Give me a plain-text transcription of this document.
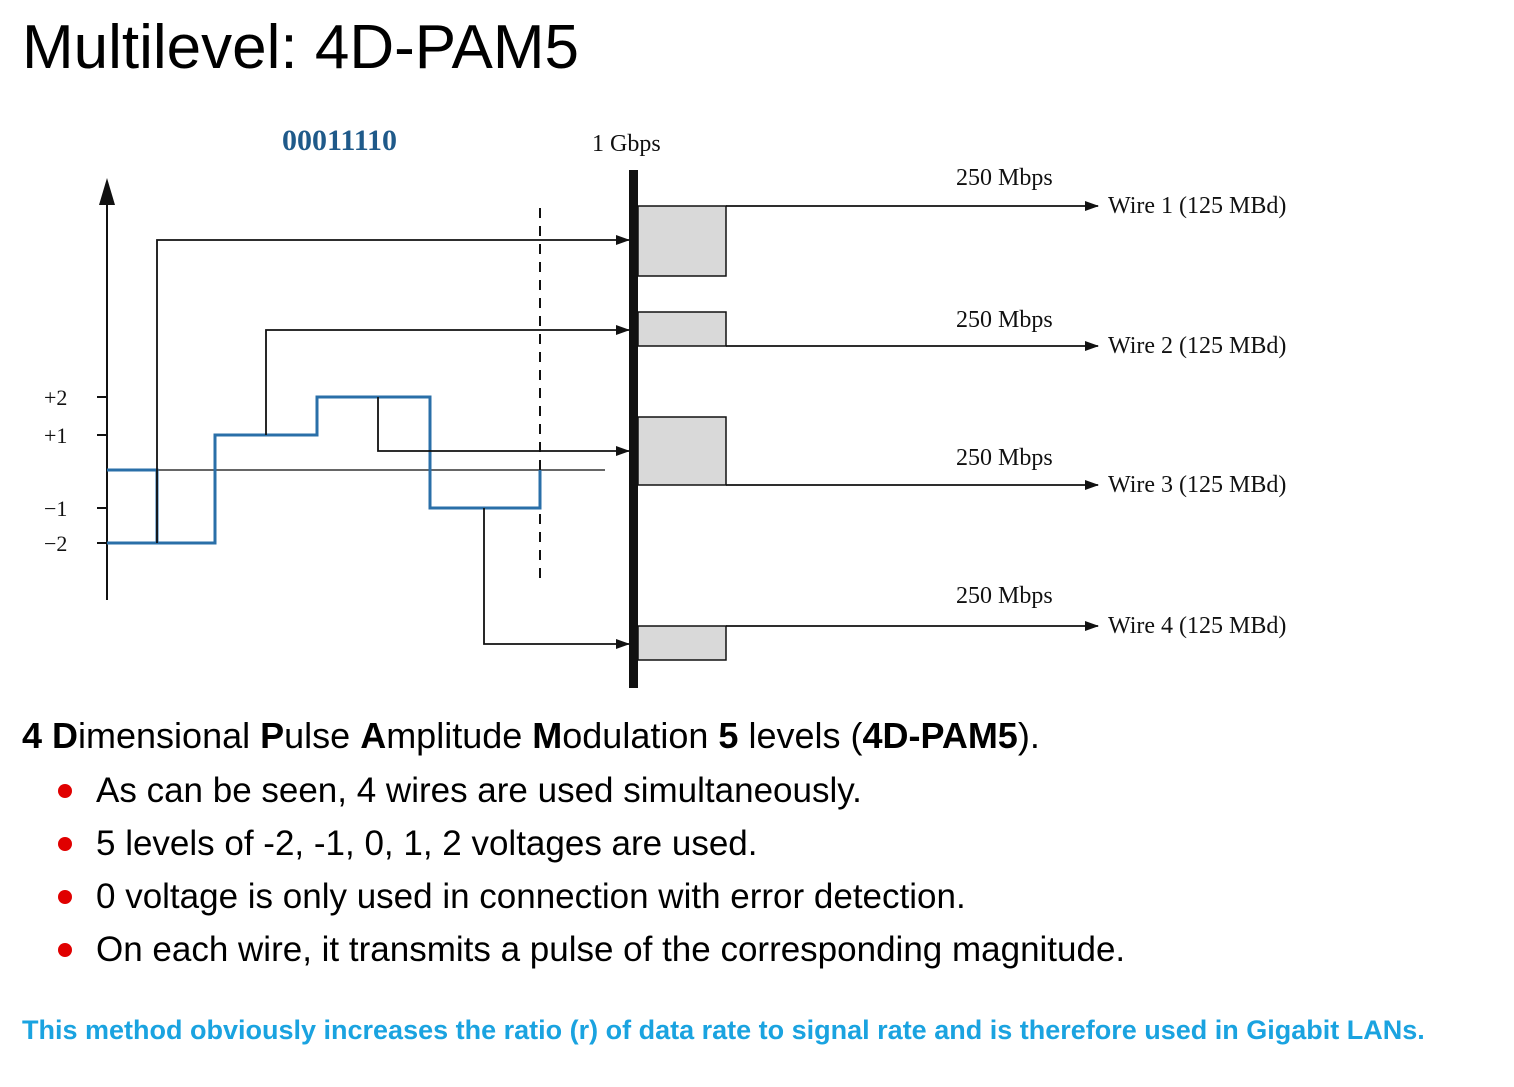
Multilevel: 4D-PAM5
00011110	1 Gbps
+2
+1
−1
−2
250 Mbps
250 Mbps
250 Mbps
250 Mbps
Wire 1 (125 MBd)
Wire 2 (125 MBd)
Wire 3 (125 MBd)
Wire 4 (125 MBd)

4 Dimensional Pulse Amplitude Modulation 5 levels (4D-PAM5).

As can be seen, 4 wires are used simultaneously.
5 levels of -2, -1, 0, 1, 2 voltages are used.
0 voltage is only used in connection with error detection.
On each wire, it transmits a pulse of the corresponding magnitude.

This method obviously increases the ratio (r) of data rate to signal rate and is therefore used in Gigabit LANs.
